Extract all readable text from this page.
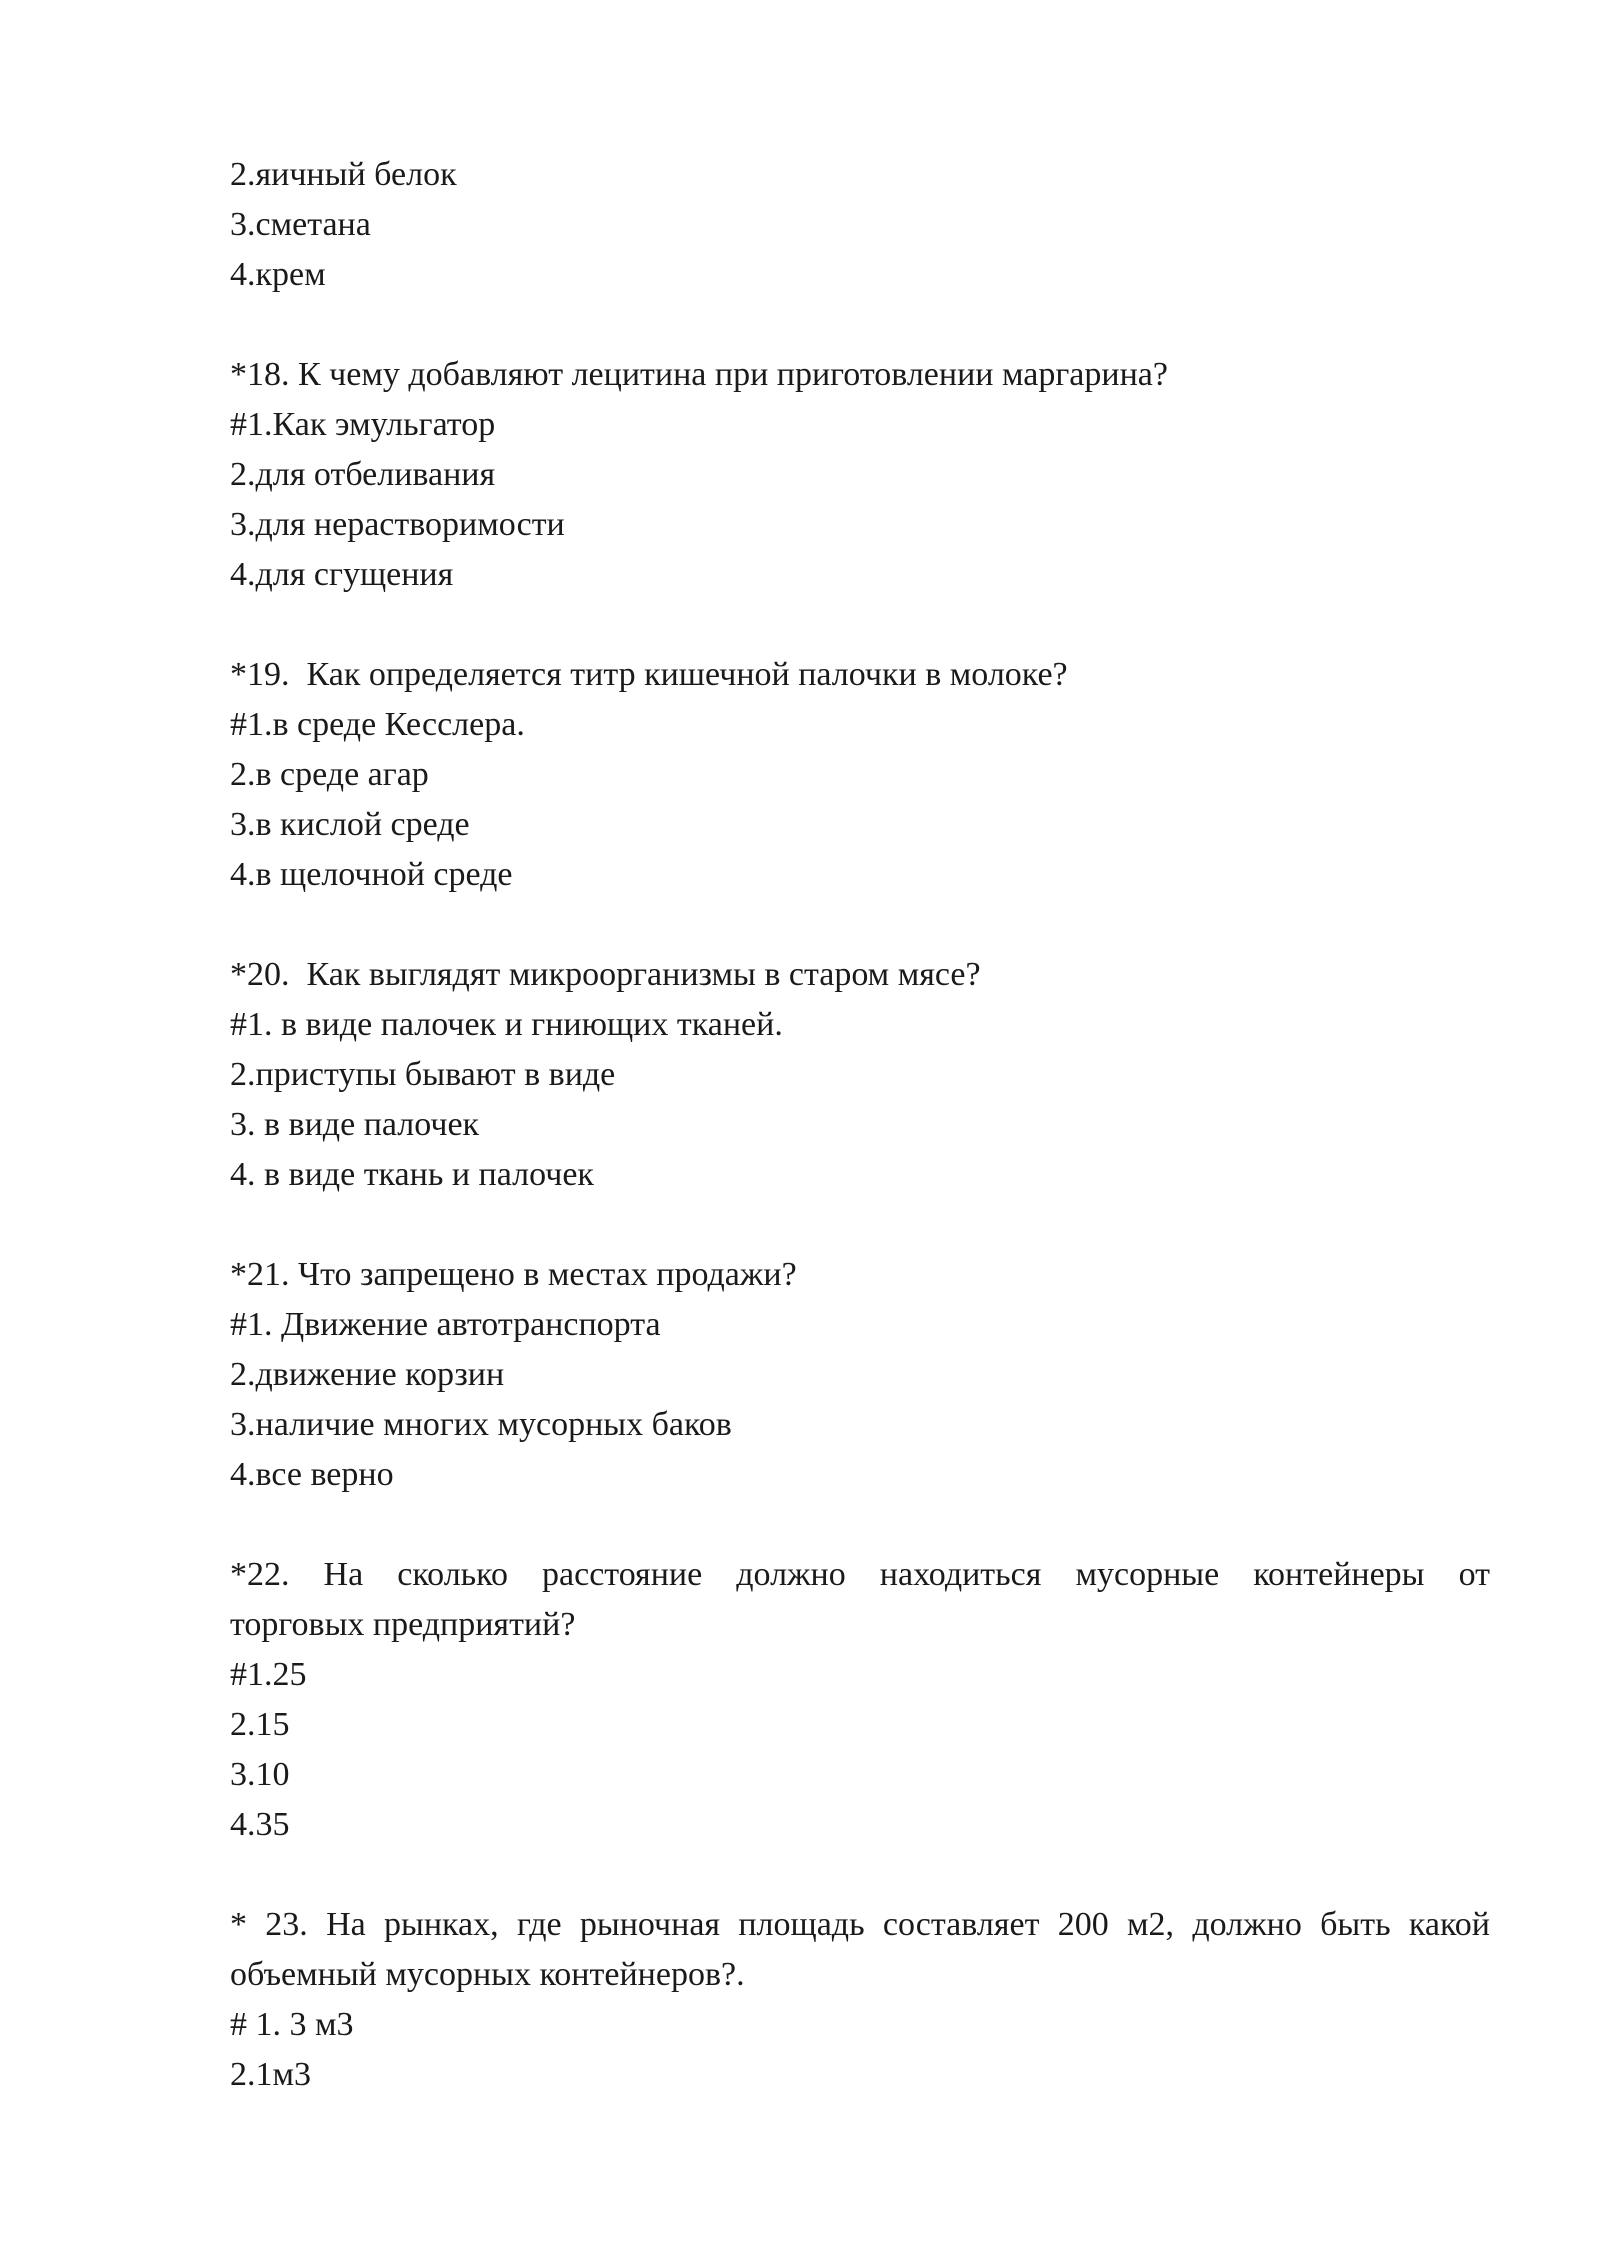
2.яичный белок
3.сметана
4.крем
*18. К чему добавляют лецитина при приготовлении маргарина?
#1.Как эмульгатор
2.для отбеливания
3.для нерастворимости
4.для сгущения
*19.  Как определяется титр кишечной палочки в молоке?
#1.в среде Кесслера.
2.в среде агар
3.в кислой среде
4.в щелочной среде
*20.  Как выглядят микроорганизмы в старом мясе?
#1. в виде палочек и гниющих тканей.
2.приступы бывают в виде
3. в виде палочек
4. в виде ткань и палочек
*21. Что запрещено в местах продажи?
#1. Движение автотранспорта
2.движение корзин
3.наличие многих мусорных баков
4.все верно
*22. На сколько расстояние должно находиться мусорные контейнеры от
торговых предприятий?
#1.25
2.15
3.10
4.35
* 23. На рынках, где рыночная площадь составляет 200 м2, должно быть какой
объемный мусорных контейнеров?.
# 1. 3 м3
2.1м3
